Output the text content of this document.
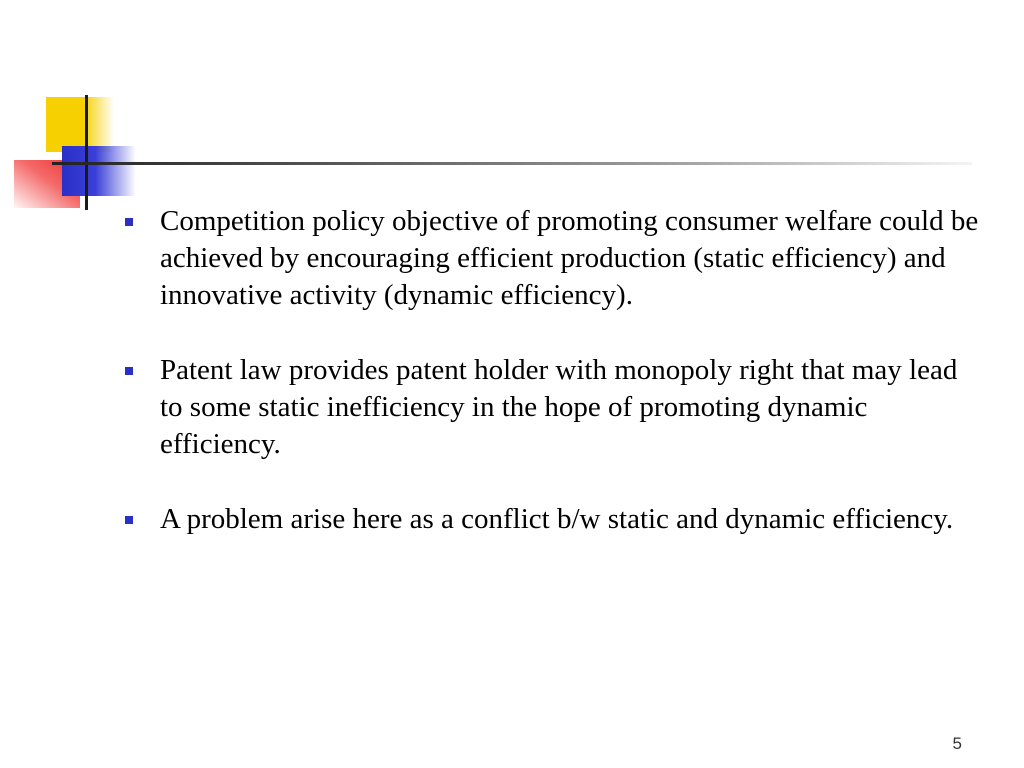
Competition policy objective of promoting consumer welfare could be achieved by encouraging efficient production (static efficiency) and innovative activity (dynamic efficiency).
Patent law provides patent holder with monopoly right that may lead to some static inefficiency in the hope of promoting dynamic efficiency.
A problem arise here as a conflict b/w static and dynamic efficiency.
5
